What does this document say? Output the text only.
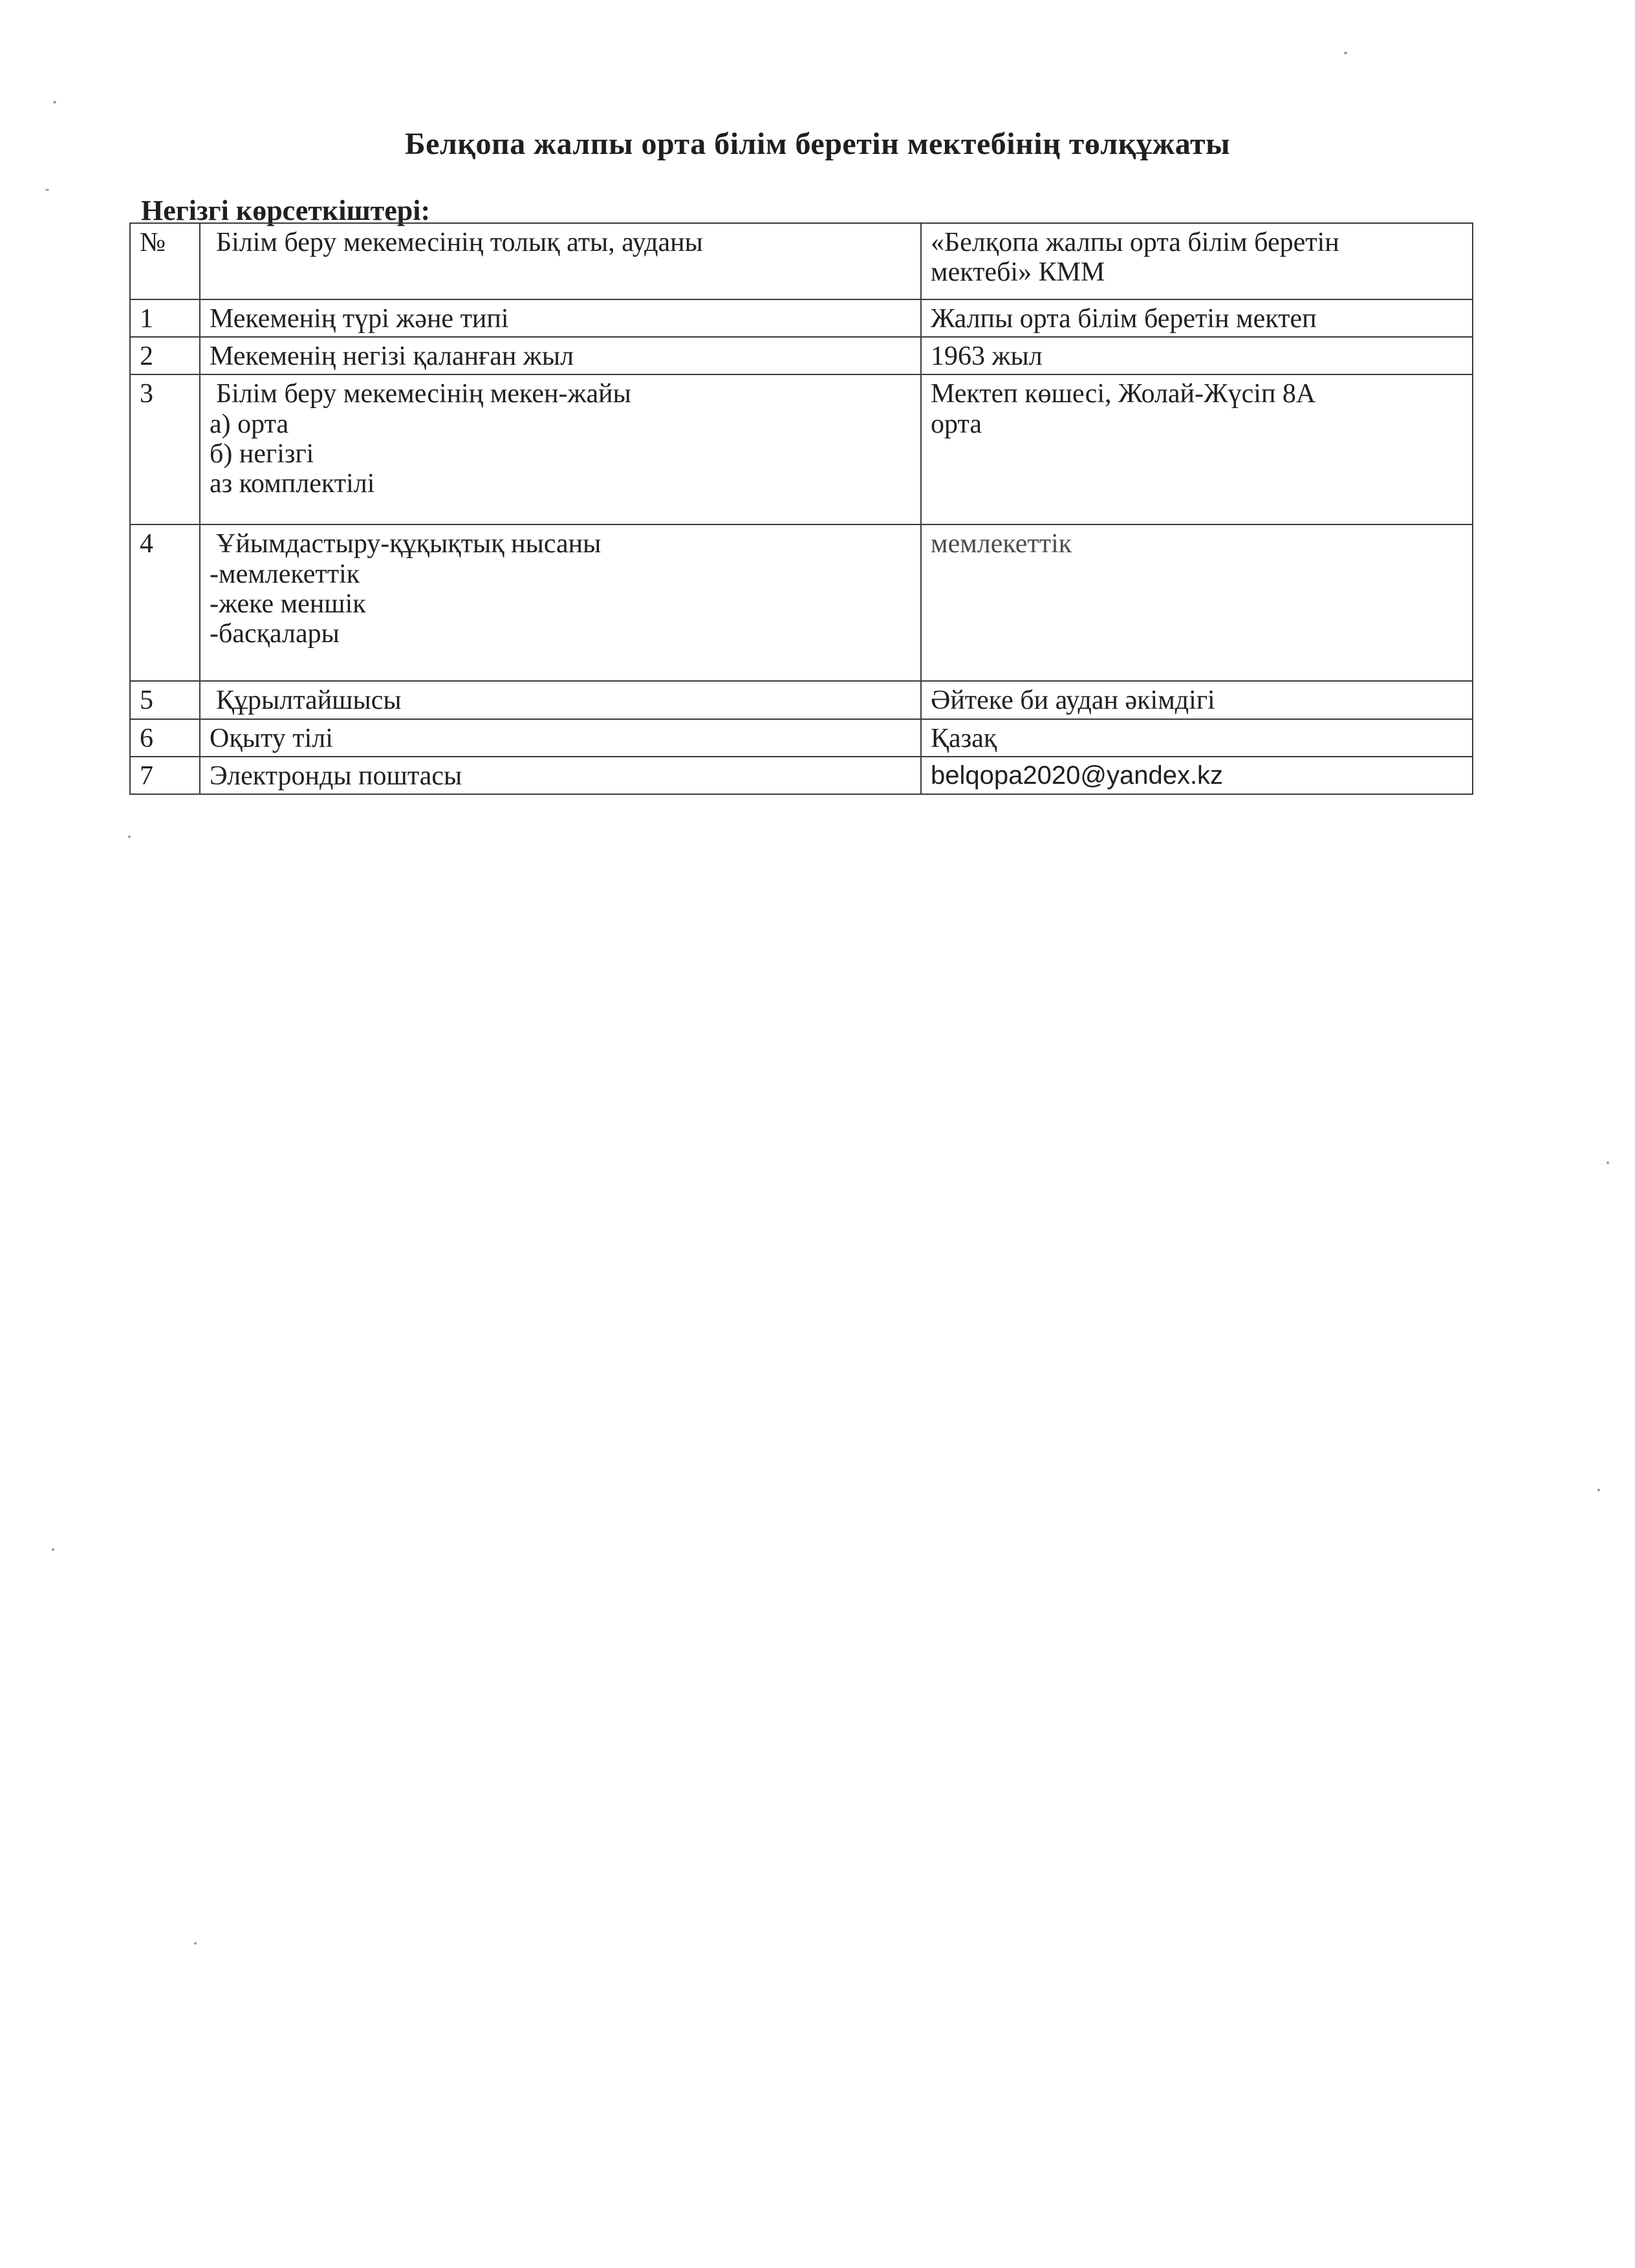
Белқопа жалпы орта білім беретін мектебінің төлқұжаты
Негізгі көрсеткіштері:
№	Білім беру мекемесінің толық аты, ауданы	«Белқопа жалпы орта білім беретін
мектебі» КММ

1	Мекеменің түрі және типі	Жалпы орта білім беретін мектеп

2	Мекеменің негізі қаланған жыл	1963 жыл

3	Білім беру мекемесінің мекен-жайы
а) орта
б) негізгі
аз комплектілі	Мектеп көшесі, Жолай-Жүсіп 8А
орта

4	Ұйымдастыру-құқықтық нысаны
-мемлекеттік
-жеке меншік
-басқалары	мемлекеттік

5	Құрылтайшысы	Әйтеке би аудан әкімдігі

6	Оқыту тілі	Қазақ

7	Электронды поштасы	belqopa2020@yandex.kz
